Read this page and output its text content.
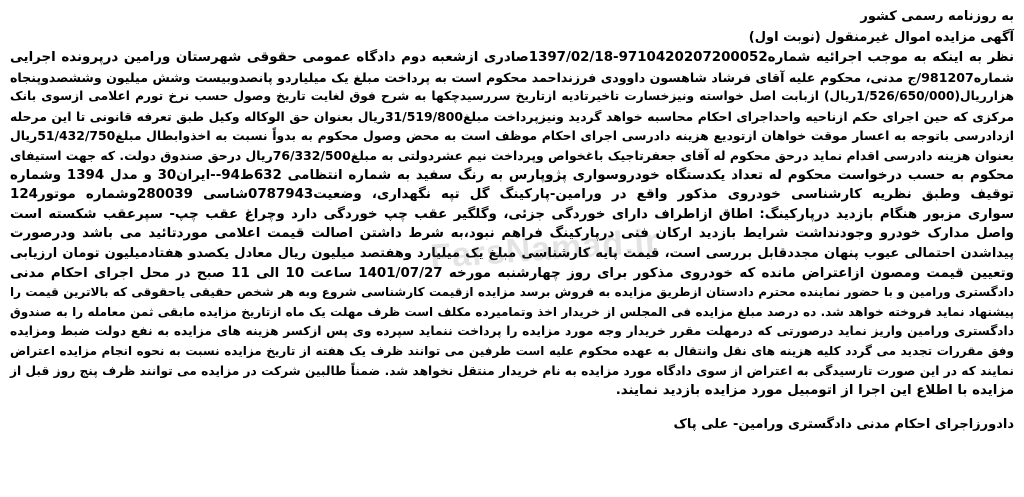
به روزنامه رسمی کشور
آگهی مزایده اموال غیرمنقول (نوبت اول)
نظر به اینکه به موجب اجرائیه شماره9710420207200052-1397/02/18صادری ازشعبه دوم دادگاه عمومی حقوقی شهرستان ورامین درپرونده اجرایی
شماره981207/ج مدنی، محکوم علیه آقای فرشاد شاهسون داوودی فرزنداحمد محکوم است به پرداخت مبلغ یک میلیاردو پانصدوبیست وشش میلیون وششصدوپنجاه
هزارریال(1/526/650/000ریال) ازبابت اصل خواسته ونیزخسارت تاخیرتادیه ازتاریخ سررسیدچکها به شرح فوق لغایت تاریخ وصول حسب نرخ تورم اعلامی ازسوی بانک
مرکزی که حین اجرای حکم ازناحیه واحداجرای احکام محاسبه خواهد گردید ونیزپرداخت مبلغ31/519/800ریال بعنوان حق الوکاله وکیل طبق تعرفه قانونی تا این مرحله
ازدادرسی باتوجه به اعسار موقت خواهان ازتودیع هزینه دادرسی اجرای احکام موظف است به محض وصول محکوم به بدواً نسبت به اخذوابطال مبلغ51/432/750ریال
بعنوان هزینه دادرسی اقدام نماید درحق محکوم له آقای جعفرتاجیک باغخواص وپرداخت نیم عشردولتی به مبلغ76/332/500ریال درحق صندوق دولت. که جهت استیفای
محکوم به حسب درخواست محکوم له تعداد یکدستگاه خودروسواری پژوپارس به رنگ سفید به شماره انتظامی 632ط94--ایران30 و مدل 1394 وشماره
توقیف وطبق نظریه کارشناسی خودروی مذکور واقع در ورامین-پارکینگ گل تپه نگهداری، وضعیت0787943شاسی 280039وشماره موتور124
سواری مزبور هنگام بازدید درپارکینگ: اطاق ازاطراف دارای خوردگی جزئی، وگلگیر عقب چپ خوردگی دارد وچراغ عقب چپ- سپرعقب شکسته است
واصل مدارک خودرو وجودنداشت شرایط بازدید ارکان فنی درپارکینگ فراهم نبود،به شرط داشتن اصالت قیمت اعلامی موردتائید می باشد ودرصورت
پیداشدن احتمالی عیوب پنهان مجددقابل بررسی است، قیمت پایه کارشناسی مبلغ یک میلیارد وهفتصد میلیون ریال معادل یکصدو هفتادمیلیون تومان ارزیابی
وتعیین قیمت ومصون ازاعتراض مانده که خودروی مذکور برای روز چهارشنبه مورخه 1401/07/27 ساعت 10 الی 11 صبح در محل اجرای احکام مدنی
دادگستری ورامین و با حضور نماینده محترم دادستان ازطریق مزایده به فروش برسد مزایده ازقیمت کارشناسی شروع وبه هر شخص حقیقی یاحقوقی که بالاترین قیمت را
پیشنهاد نماید فروخته خواهد شد. ده درصد مبلغ مزایده فی المجلس از خریدار اخذ وتمامیرده مکلف است ظرف مهلت یک ماه ازتاریخ مزایده مابقی ثمن معامله را به صندوق
دادگستری ورامین واریز نماید درصورتی که درمهلت مقرر خریدار وجه مورد مزایده را پرداخت ننماید سپرده وی پس ازکسر هزینه های مزایده به نفع دولت ضبط ومزایده
وفق مقررات تجدید می گردد کلیه هزینه های نقل وانتقال به عهده محکوم علیه است طرفین می توانند ظرف یک هفته از تاریخ مزایده نسبت به نحوه انجام مزایده اعتراض
نمایند که در این صورت تارسیدگی به اعتراض از سوی دادگاه مورد مزایده به نام خریدار منتقل نخواهد شد. ضمناً طالبین شرکت در مزایده می توانند ظرف پنج روز قبل از
مزایده با اطلاع این اجرا از اتومبیل مورد مزایده بازدید نمایند.
دادورزاجرای احکام مدنی دادگستری ورامین- علی پاک
FarsNamad.ir
